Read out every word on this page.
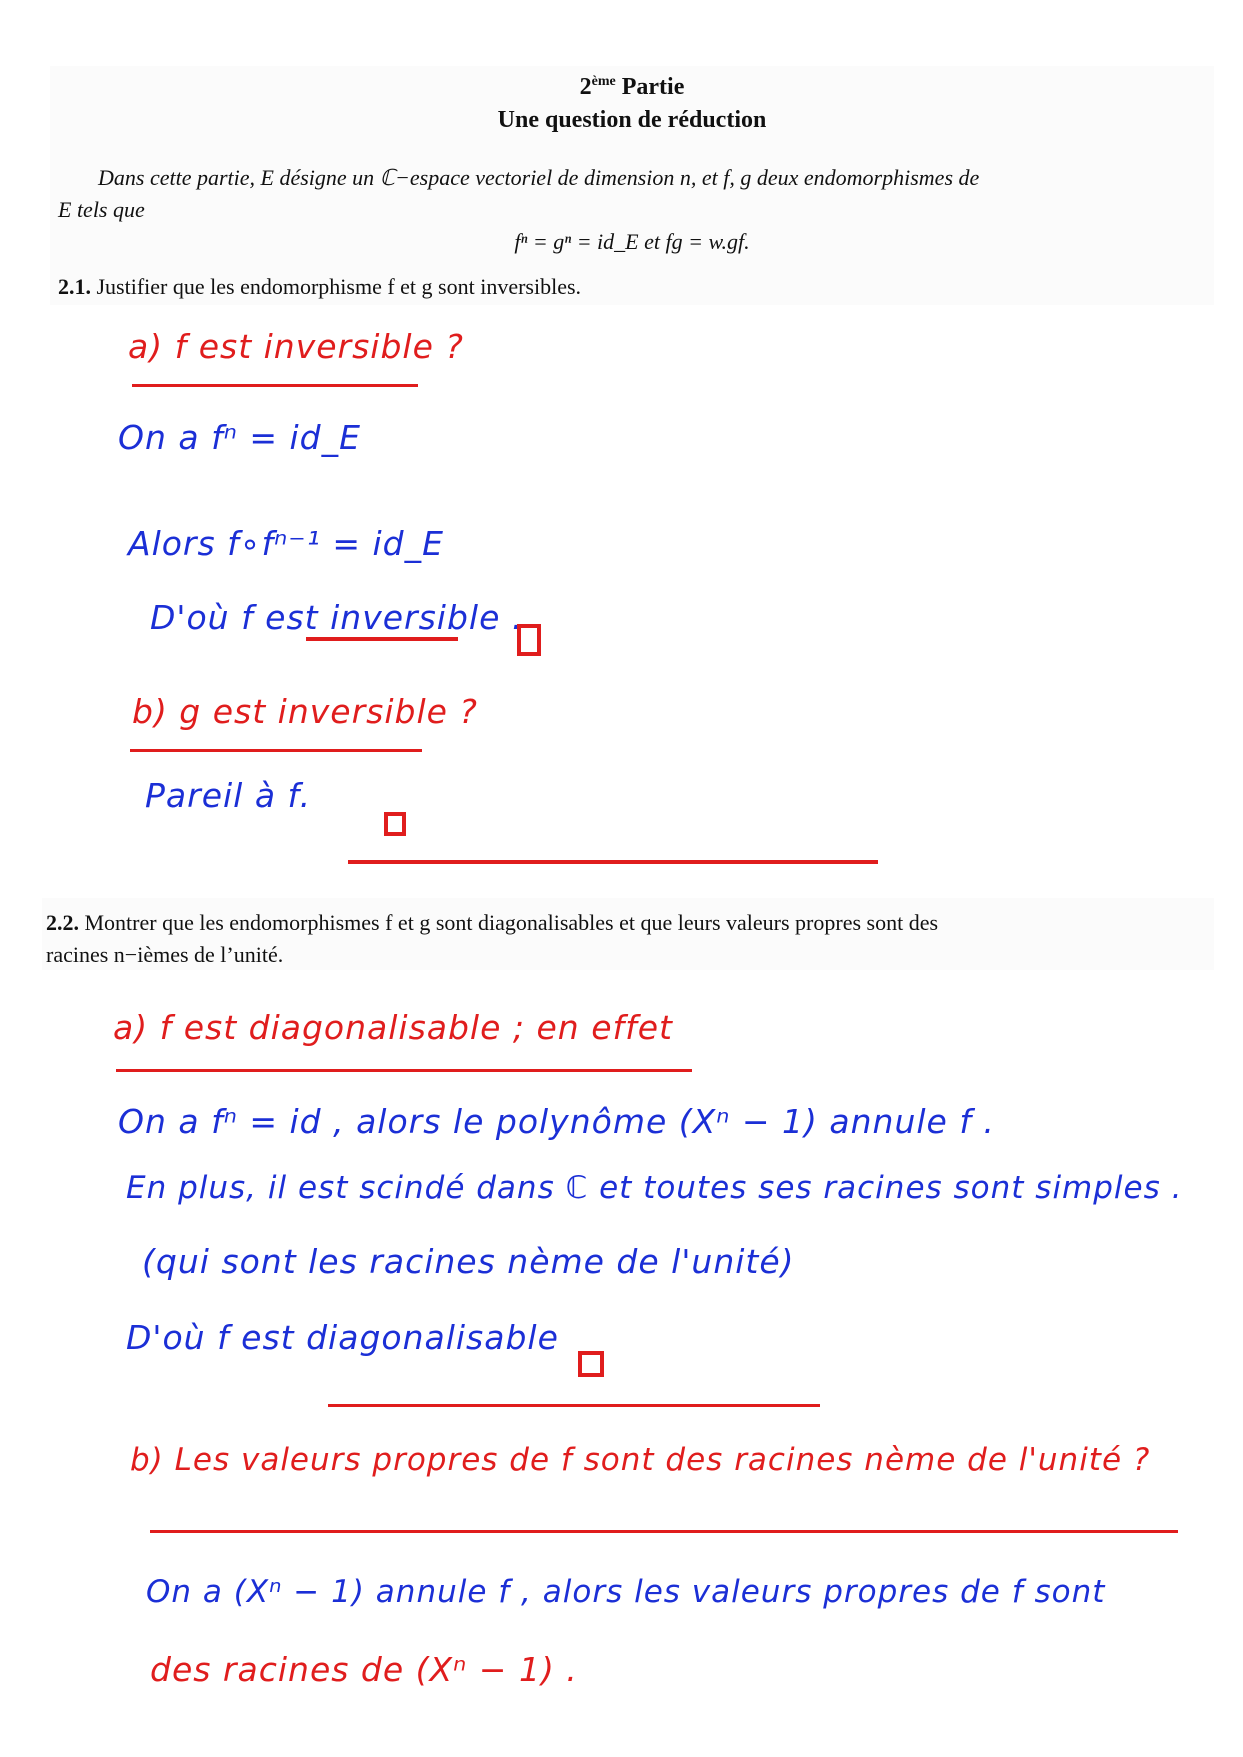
2ème Partie
Une question de réduction
Dans cette partie, E désigne un ℂ−espace vectoriel de dimension n, et f, g deux endomorphismes de
E tels que
fⁿ = gⁿ = id_E et fg = w.gf.
2.1. Justifier que les endomorphisme f et g sont inversibles.
a) f est inversible ?
On a fⁿ = id_E
Alors f∘fⁿ⁻¹ = id_E
D'où f est inversible .
b) g est inversible ?
Pareil à f.
2.2. Montrer que les endomorphismes f et g sont diagonalisables et que leurs valeurs propres sont des
racines n−ièmes de l’unité.
a) f est diagonalisable ; en effet
On a fⁿ = id , alors le polynôme (Xⁿ − 1) annule f .
En plus, il est scindé dans ℂ et toutes ses racines sont simples .
(qui sont les racines nème de l'unité)
D'où f est diagonalisable
b) Les valeurs propres de f sont des racines nème de l'unité ?
On a (Xⁿ − 1) annule f , alors les valeurs propres de f sont
des racines de (Xⁿ − 1) .
